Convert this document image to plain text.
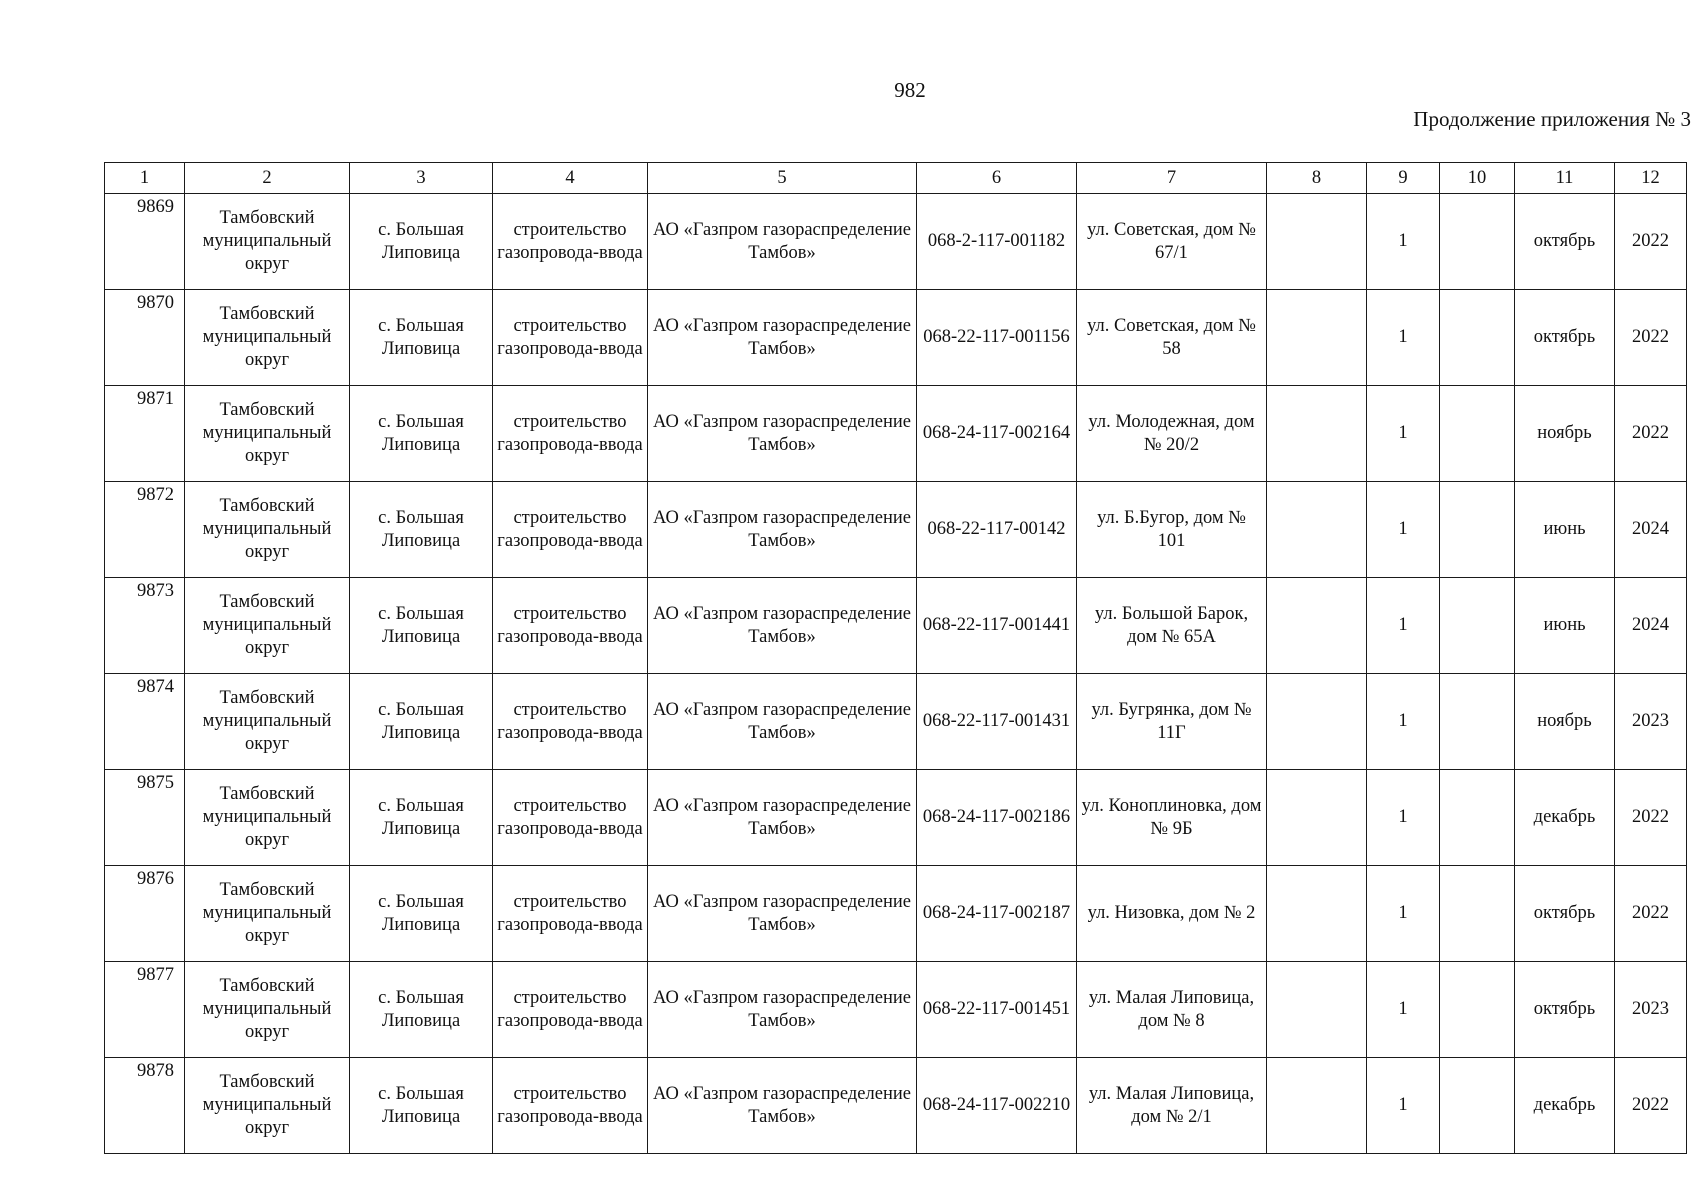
982
Продолжение приложения № 3
1	2	3	4	5	6	7	8	9	10	11	12
9869	Тамбовский муниципальный округ	с. Большая Липовица	строительство газопровода-ввода	АО «Газпром газораспределение Тамбов»	068-2-117-001182	ул. Советская, дом № 67/1		1		октябрь	2022
9870	Тамбовский муниципальный округ	с. Большая Липовица	строительство газопровода-ввода	АО «Газпром газораспределение Тамбов»	068-22-117-001156	ул. Советская, дом № 58		1		октябрь	2022
9871	Тамбовский муниципальный округ	с. Большая Липовица	строительство газопровода-ввода	АО «Газпром газораспределение Тамбов»	068-24-117-002164	ул. Молодежная, дом № 20/2		1		ноябрь	2022
9872	Тамбовский муниципальный округ	с. Большая Липовица	строительство газопровода-ввода	АО «Газпром газораспределение Тамбов»	068-22-117-00142	ул. Б.Бугор, дом № 101		1		июнь	2024
9873	Тамбовский муниципальный округ	с. Большая Липовица	строительство газопровода-ввода	АО «Газпром газораспределение Тамбов»	068-22-117-001441	ул. Большой Барок, дом № 65А		1		июнь	2024
9874	Тамбовский муниципальный округ	с. Большая Липовица	строительство газопровода-ввода	АО «Газпром газораспределение Тамбов»	068-22-117-001431	ул. Бугрянка, дом № 11Г		1		ноябрь	2023
9875	Тамбовский муниципальный округ	с. Большая Липовица	строительство газопровода-ввода	АО «Газпром газораспределение Тамбов»	068-24-117-002186	ул. Коноплиновка, дом № 9Б		1		декабрь	2022
9876	Тамбовский муниципальный округ	с. Большая Липовица	строительство газопровода-ввода	АО «Газпром газораспределение Тамбов»	068-24-117-002187	ул. Низовка, дом № 2		1		октябрь	2022
9877	Тамбовский муниципальный округ	с. Большая Липовица	строительство газопровода-ввода	АО «Газпром газораспределение Тамбов»	068-22-117-001451	ул. Малая Липовица, дом № 8		1		октябрь	2023
9878	Тамбовский муниципальный округ	с. Большая Липовица	строительство газопровода-ввода	АО «Газпром газораспределение Тамбов»	068-24-117-002210	ул. Малая Липовица, дом № 2/1		1		декабрь	2022
